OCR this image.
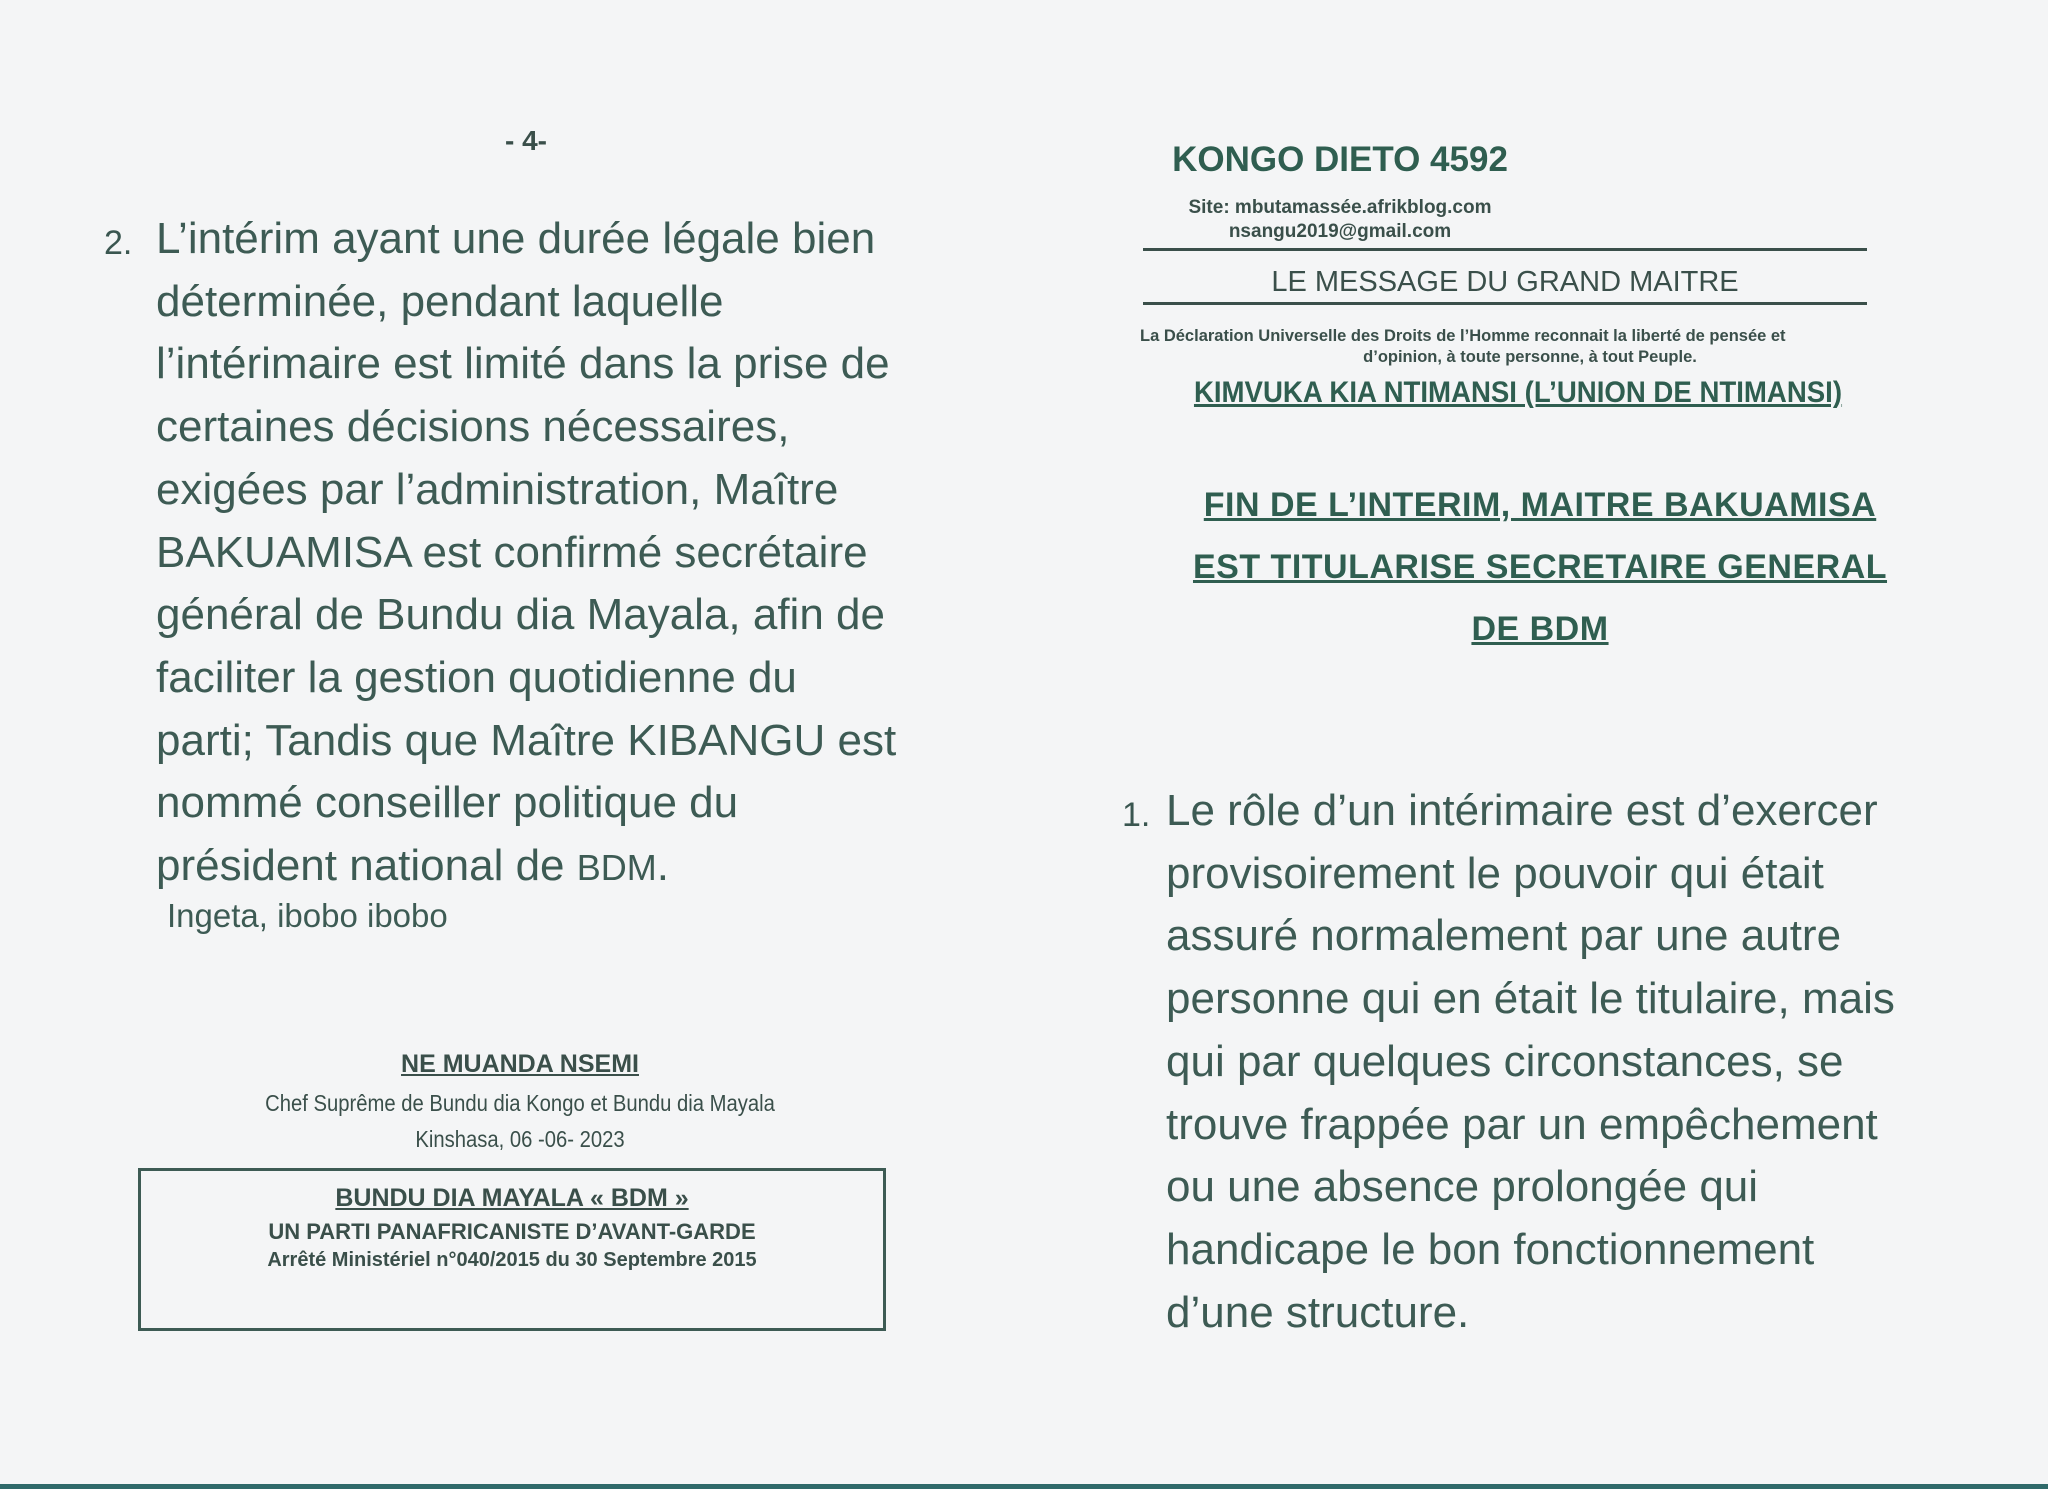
- 4-
2. L’intérim ayant une durée légale bien
déterminée, pendant laquelle
l’intérimaire est limité dans la prise de
certaines décisions nécessaires,
exigées par l’administration, Maître
BAKUAMISA est confirmé secrétaire
général de Bundu dia Mayala, afin de
faciliter la gestion quotidienne du
parti; Tandis que Maître KIBANGU est
nommé conseiller politique du
président national de BDM.
Ingeta, ibobo ibobo
NE MUANDA NSEMI
Chef Suprême de Bundu dia Kongo et Bundu dia Mayala
Kinshasa, 06 -06- 2023
BUNDU DIA MAYALA « BDM »
UN PARTI PANAFRICANISTE D’AVANT-GARDE
Arrêté Ministériel n°040/2015 du 30 Septembre 2015
KONGO DIETO 4592
Site: mbutamassée.afrikblog.com
nsangu2019@gmail.com
LE MESSAGE DU GRAND MAITRE
La Déclaration Universelle des Droits de l’Homme reconnait la liberté de pensée et
d’opinion, à toute personne, à tout Peuple.
KIMVUKA KIA NTIMANSI (L’UNION DE NTIMANSI)
FIN DE L’INTERIM, MAITRE BAKUAMISA
EST TITULARISE SECRETAIRE GENERAL
DE BDM
1. Le rôle d’un intérimaire est d’exercer
provisoirement le pouvoir qui était
assuré normalement par une autre
personne qui en était le titulaire, mais
qui par quelques circonstances, se
trouve frappée par un empêchement
ou une absence prolongée qui
handicape le bon fonctionnement
d’une structure.
